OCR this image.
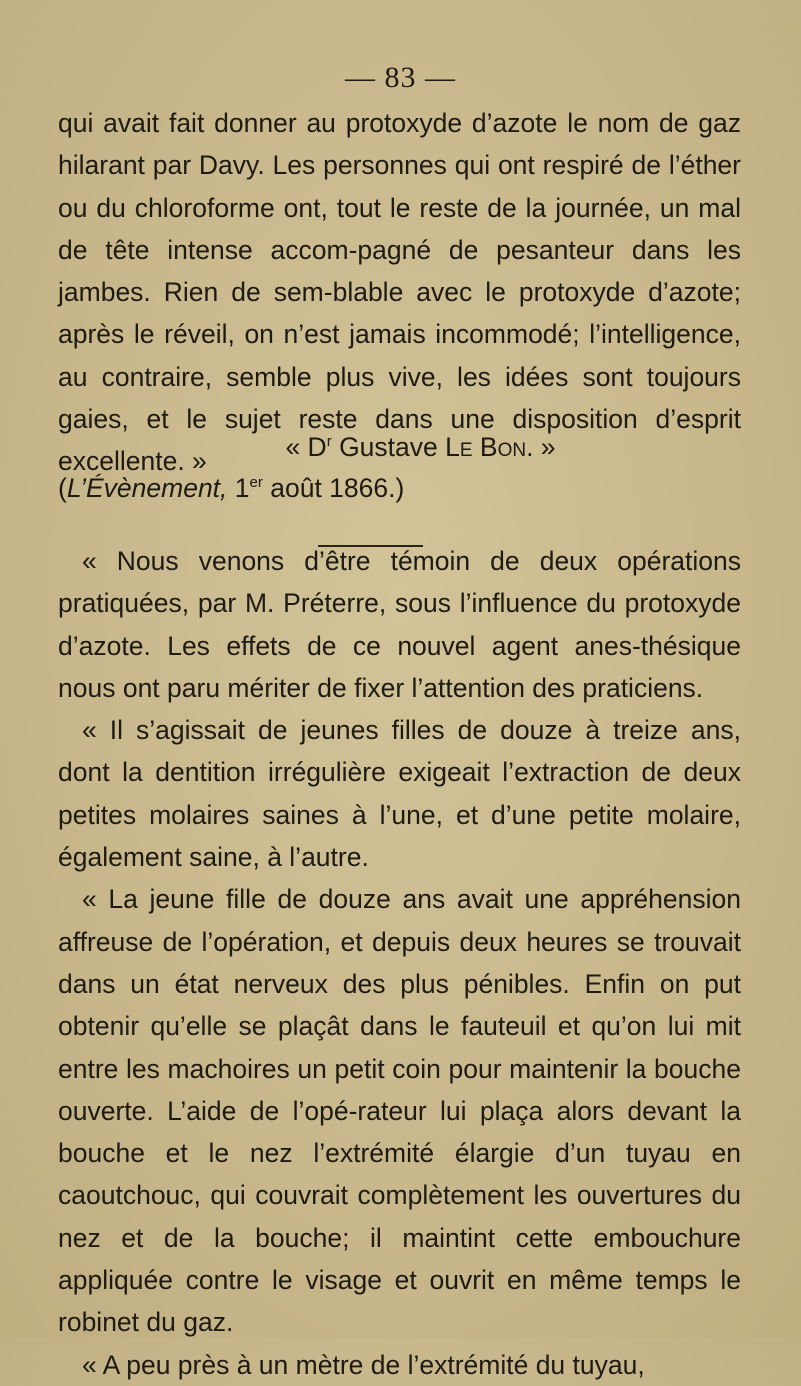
— 83 —

qui avait fait donner au protoxyde d’azote le nom de gaz hilarant par Davy. Les personnes qui ont respiré de l’éther ou du chloroforme ont, tout le reste de la journée, un mal de tête intense accom-pagné de pesanteur dans les jambes. Rien de sem-blable avec le protoxyde d’azote; après le réveil, on n’est jamais incommodé; l’intelligence, au contraire, semble plus vive, les idées sont toujours gaies, et le sujet reste dans une disposition d’esprit excellente. »	« $D^r$ Gustave Le Bon. »
(L’Évènement, 1er août 1866.)

« Nous venons d’être témoin de deux opérations pratiquées, par M. Préterre, sous l’influence du protoxyde d’azote. Les effets de ce nouvel agent anes-thésique nous ont paru mériter de fixer l’attention des praticiens.

« Il s’agissait de jeunes filles de douze à treize ans, dont la dentition irrégulière exigeait l’extraction de deux petites molaires saines à l’une, et d’une petite molaire, également saine, à l’autre.

« La jeune fille de douze ans avait une appréhension affreuse de l’opération, et depuis deux heures se trouvait dans un état nerveux des plus pénibles. Enfin on put obtenir qu’elle se plaçât dans le fauteuil et qu’on lui mit entre les machoires un petit coin pour maintenir la bouche ouverte. L’aide de l’opé-rateur lui plaça alors devant la bouche et le nez l’extrémité élargie d’un tuyau en caoutchouc, qui couvrait complètement les ouvertures du nez et de la bouche; il maintint cette embouchure appliquée contre le visage et ouvrit en même temps le robinet du gaz.

« A peu près à un mètre de l’extrémité du tuyau,
